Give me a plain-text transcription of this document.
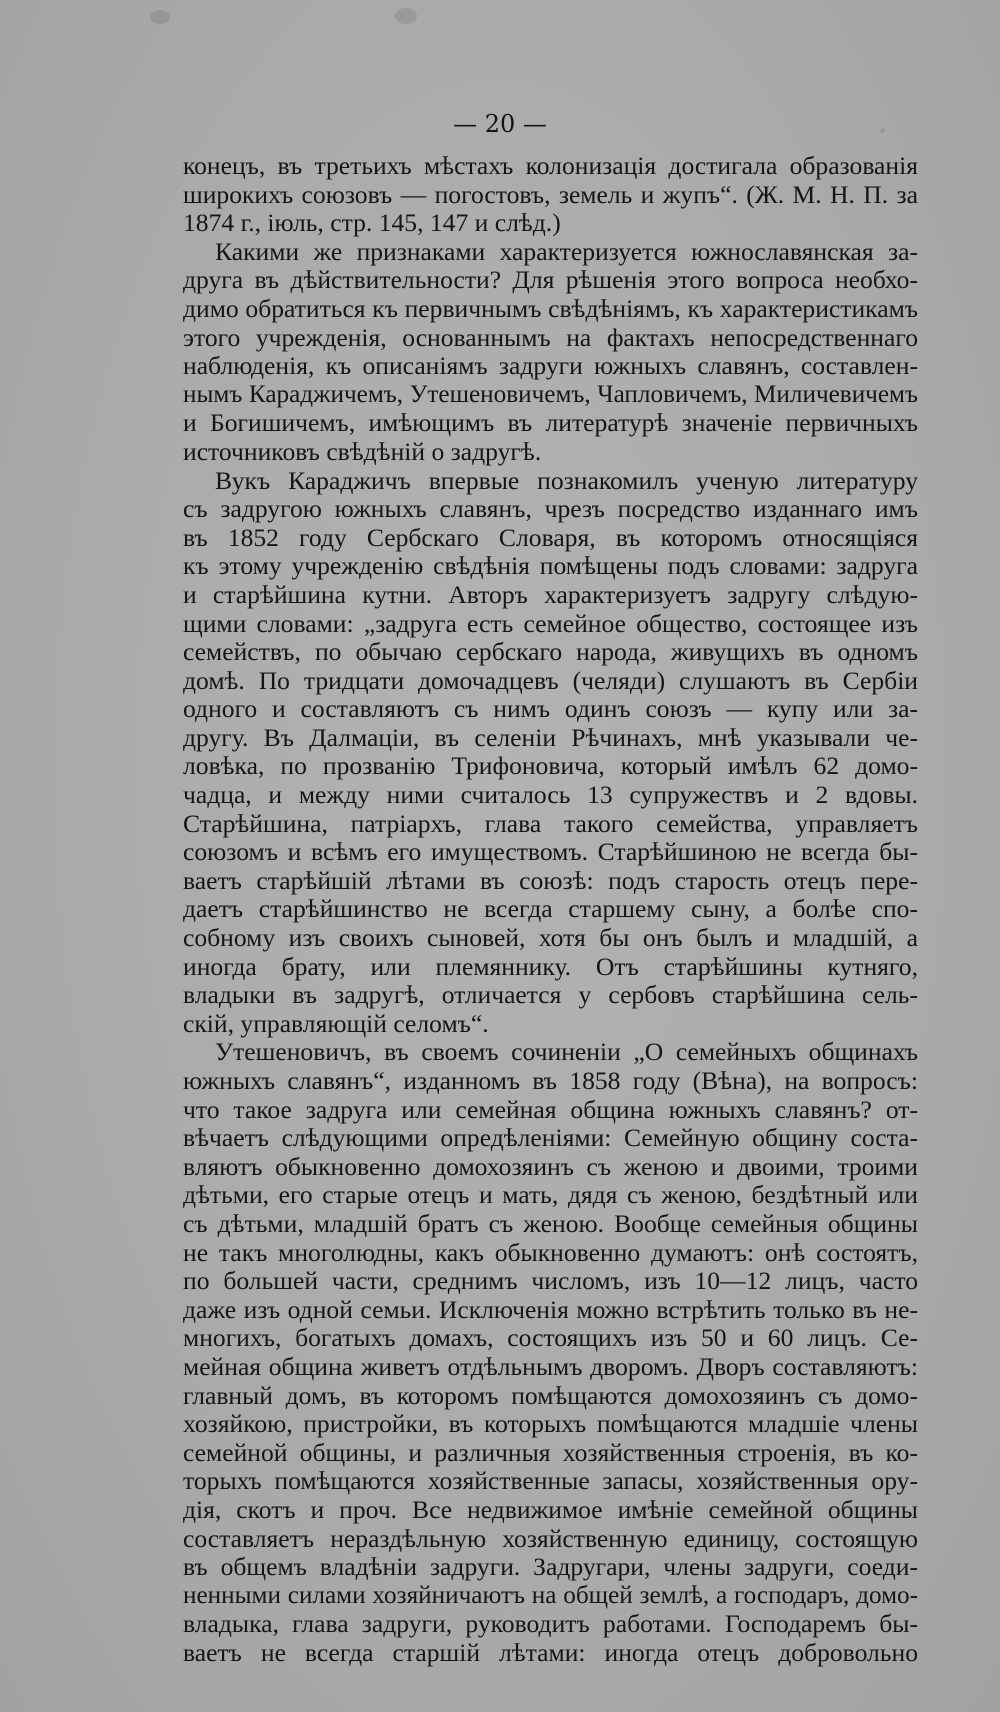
— 20 —
конецъ, въ третьихъ мѣстахъ колонизація достигала образованія
широкихъ союзовъ — погостовъ, земель и жупъ“. (Ж. М. Н. П. за
1874 г., іюль, стр. 145, 147 и слѣд.)
Какими же признаками характеризуется южнославянская за-
друга въ дѣйствительности? Для рѣшенія этого вопроса необхо-
димо обратиться къ первичнымъ свѣдѣніямъ, къ характеристикамъ
этого учрежденія, основаннымъ на фактахъ непосредственнаго
наблюденія, къ описаніямъ задруги южныхъ славянъ, составлен-
нымъ Караджичемъ, Утешеновичемъ, Чапловичемъ, Миличевичемъ
и Богишичемъ, имѣющимъ въ литературѣ значеніе первичныхъ
источниковъ свѣдѣній о задругѣ.
Вукъ Караджичъ впервые познакомилъ ученую литературу
съ задругою южныхъ славянъ, чрезъ посредство изданнаго имъ
въ 1852 году Сербскаго Словаря, въ которомъ относящіяся
къ этому учрежденію свѣдѣнія помѣщены подъ словами: задруга
и старѣйшина кутни. Авторъ характеризуетъ задругу слѣдую-
щими словами: „задруга есть семейное общество, состоящее изъ
семействъ, по обычаю сербскаго народа, живущихъ въ одномъ
домѣ. По тридцати домочадцевъ (челяди) слушаютъ въ Сербіи
одного и составляютъ съ нимъ одинъ союзъ — купу или за-
другу. Въ Далмаціи, въ селеніи Рѣчинахъ, мнѣ указывали че-
ловѣка, по прозванію Трифоновича, который имѣлъ 62 домо-
чадца, и между ними считалось 13 супружествъ и 2 вдовы.
Старѣйшина, патріархъ, глава такого семейства, управляетъ
союзомъ и всѣмъ его имуществомъ. Старѣйшиною не всегда бы-
ваетъ старѣйшій лѣтами въ союзѣ: подъ старость отецъ пере-
даетъ старѣйшинство не всегда старшему сыну, а болѣе спо-
собному изъ своихъ сыновей, хотя бы онъ былъ и младшій, а
иногда брату, или племяннику. Отъ старѣйшины кутняго,
владыки въ задругѣ, отличается у сербовъ старѣйшина сель-
скій, управляющій селомъ“.
Утешеновичъ, въ своемъ сочиненіи „О семейныхъ общинахъ
южныхъ славянъ“, изданномъ въ 1858 году (Вѣна), на вопросъ:
что такое задруга или семейная община южныхъ славянъ? от-
вѣчаетъ слѣдующими опредѣленіями: Семейную общину соста-
вляютъ обыкновенно домохозяинъ съ женою и двоими, троими
дѣтьми, его старые отецъ и мать, дядя съ женою, бездѣтный или
съ дѣтьми, младшій братъ съ женою. Вообще семейныя общины
не такъ многолюдны, какъ обыкновенно думаютъ: онѣ состоятъ,
по большей части, среднимъ числомъ, изъ 10—12 лицъ, часто
даже изъ одной семьи. Исключенія можно встрѣтить только въ не-
многихъ, богатыхъ домахъ, состоящихъ изъ 50 и 60 лицъ. Се-
мейная община живетъ отдѣльнымъ дворомъ. Дворъ составляютъ:
главный домъ, въ которомъ помѣщаются домохозяинъ съ домо-
хозяйкою, пристройки, въ которыхъ помѣщаются младшіе члены
семейной общины, и различныя хозяйственныя строенія, въ ко-
торыхъ помѣщаются хозяйственные запасы, хозяйственныя ору-
дія, скотъ и проч. Все недвижимое имѣніе семейной общины
составляетъ нераздѣльную хозяйственную единицу, состоящую
въ общемъ владѣніи задруги. Задругари, члены задруги, соеди-
ненными силами хозяйничаютъ на общей землѣ, а господаръ, домо-
владыка, глава задруги, руководитъ работами. Господаремъ бы-
ваетъ не всегда старшій лѣтами: иногда отецъ добровольно
